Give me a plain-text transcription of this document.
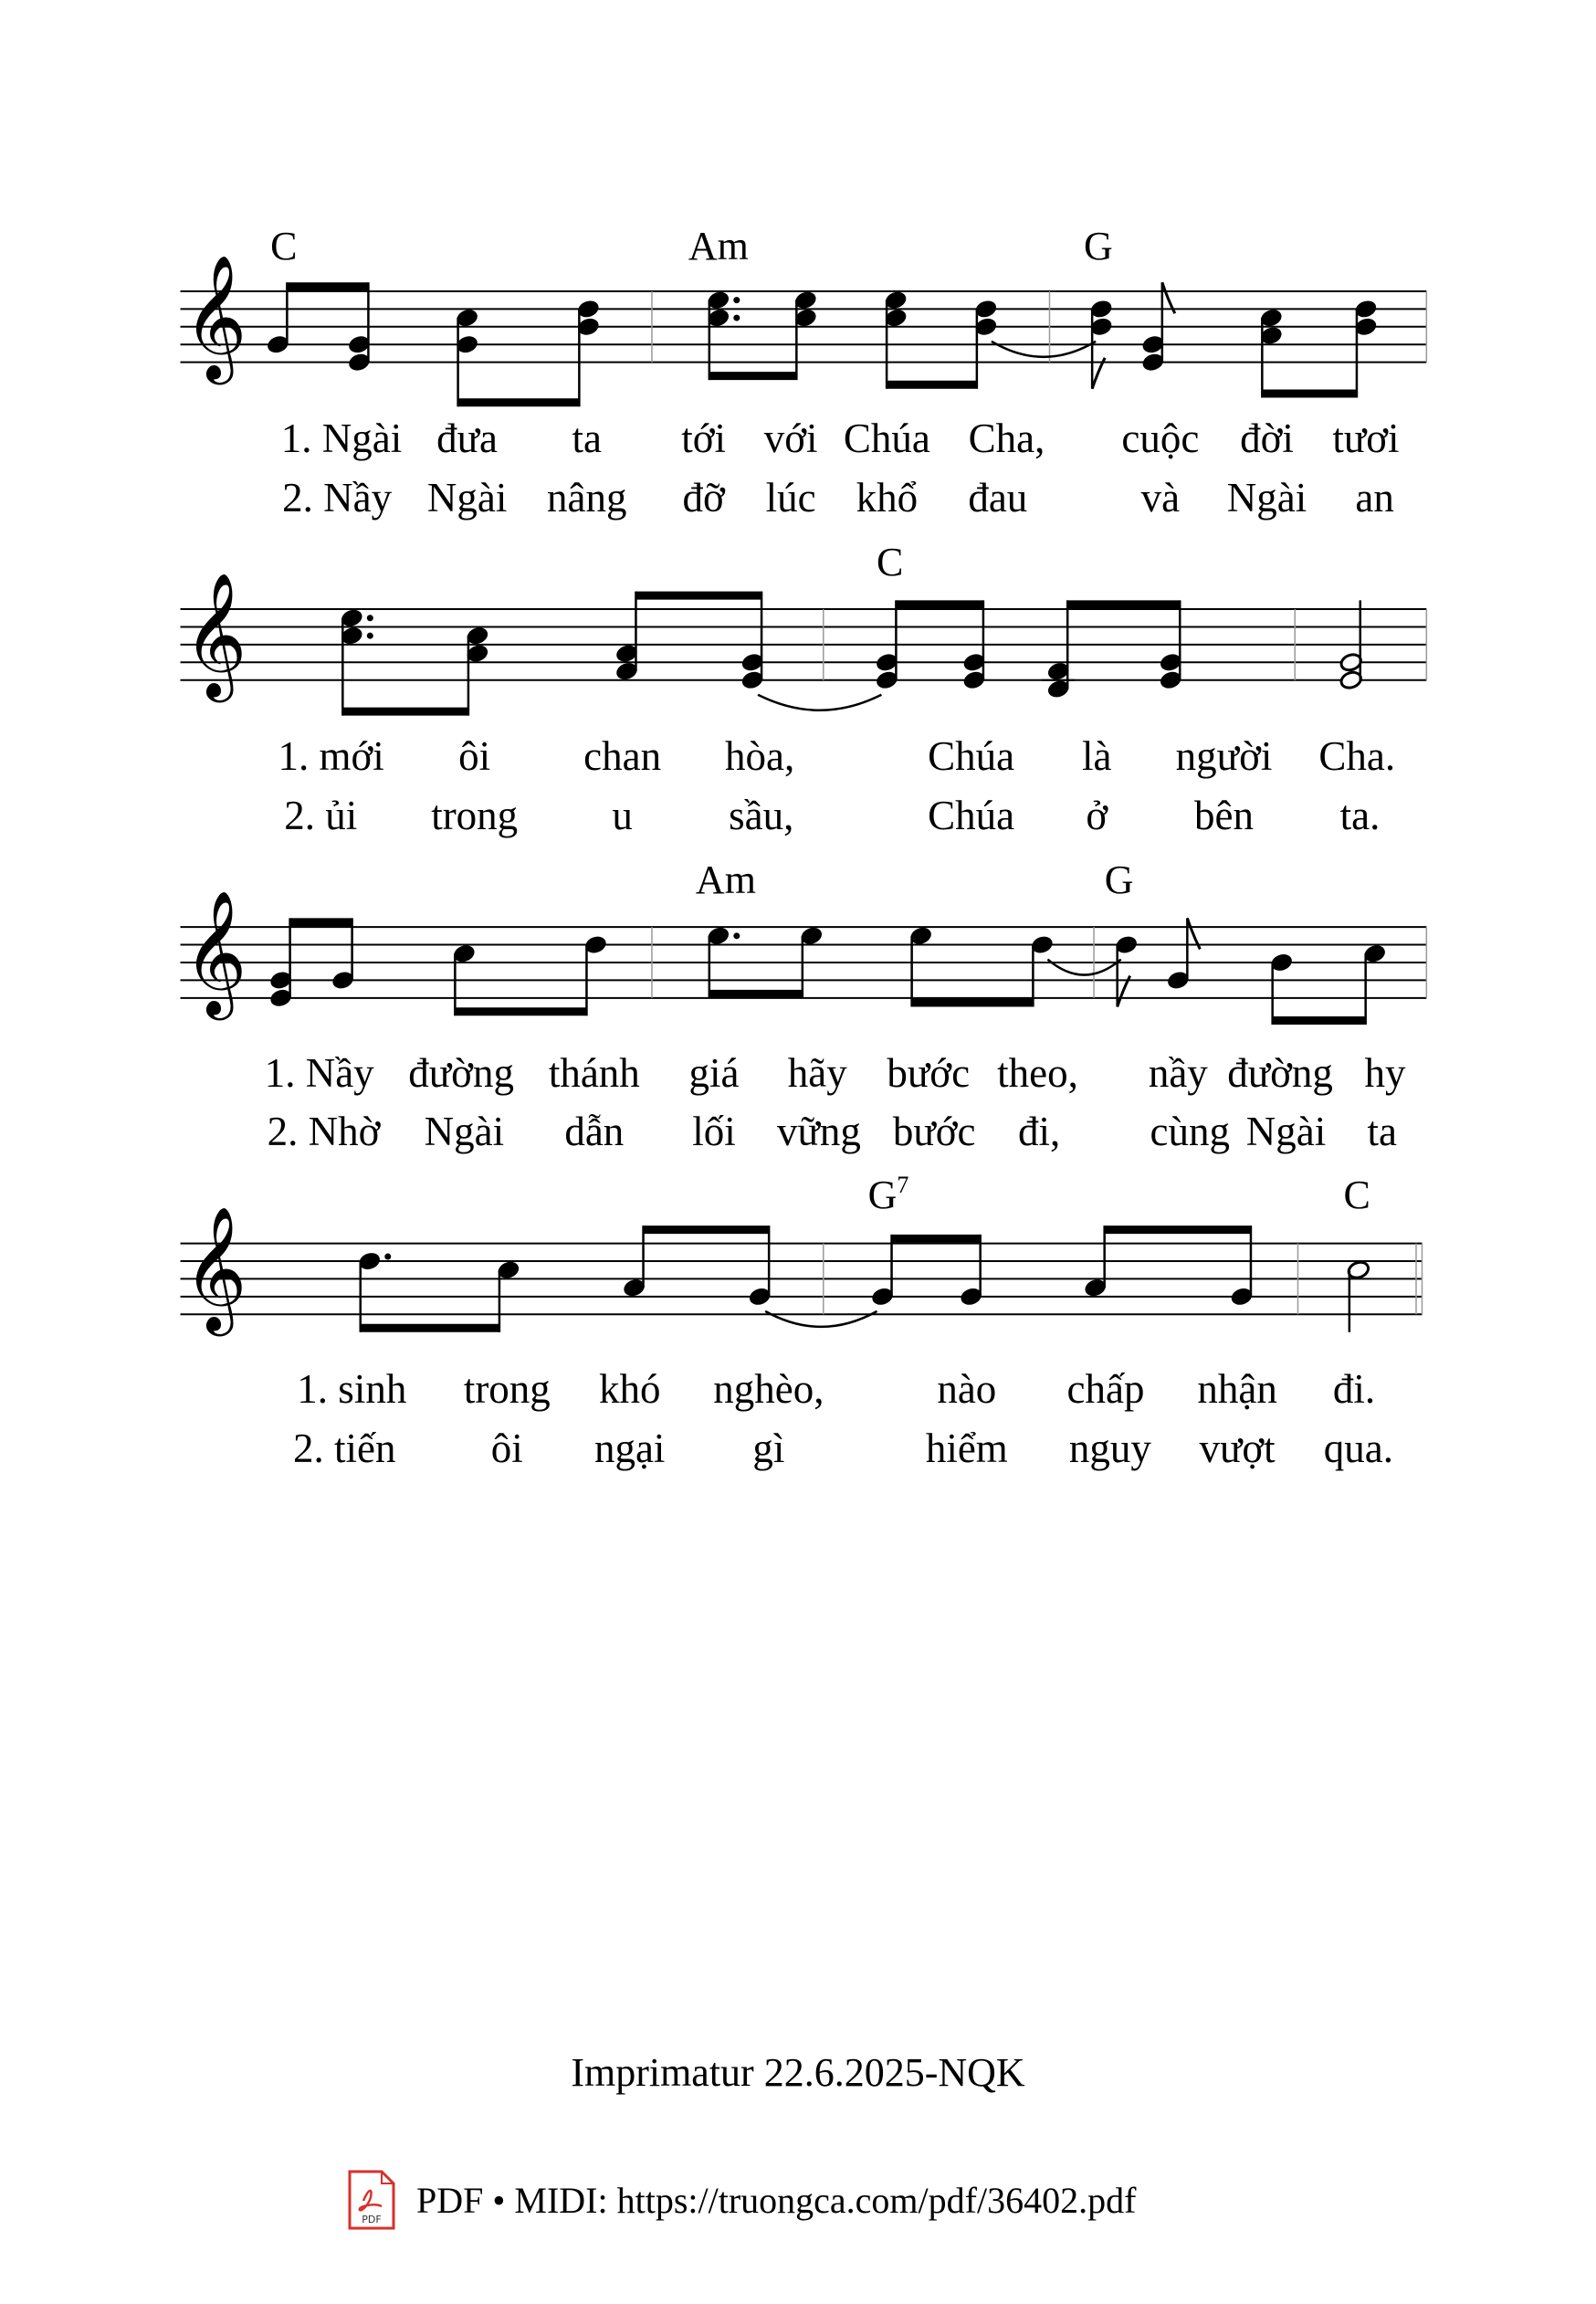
𝄞
C	Am	G
1. Ngài đưa ta tới với Chúa Cha, cuộc đời tươi
2. Nầy Ngài nâng đỡ lúc khổ đau	và Ngài an
𝄞
C
1. mới ôi chan hòa,	Chúa là người Cha.
2. ủi trong u sầu,	Chúa ở bên ta.
𝄞
Am	G
1. Nầy đường thánh giá hãy bước theo, nầy đường hy
2. Nhờ Ngài dẫn lối vững bước đi, cùng Ngài ta
𝄞
$G^7$	C
1. sinh trong khó nghèo,	nào chấp nhận đi.
2. tiến ôi ngại gì	hiểm nguy vượt qua.
Imprimatur 22.6.2025-NQK
PDF PDF • MIDI: https://truongca.com/pdf/36402.pdf
